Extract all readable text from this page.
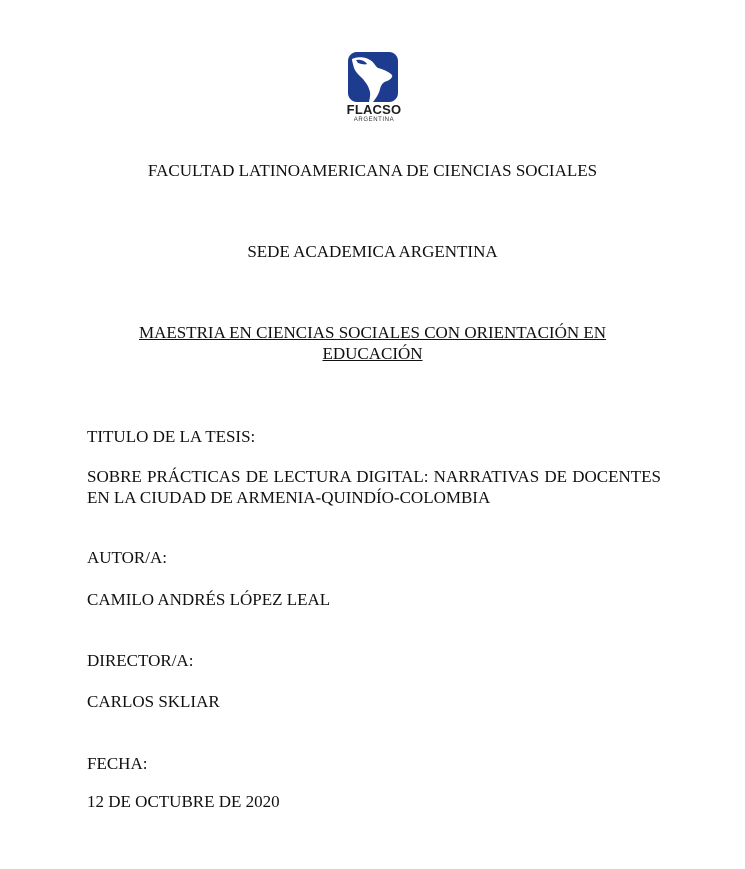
FLACSO
ARGENTINA
FACULTAD LATINOAMERICANA DE CIENCIAS SOCIALES
SEDE ACADEMICA ARGENTINA
MAESTRIA EN CIENCIAS SOCIALES CON ORIENTACIÓN EN EDUCACIÓN
TITULO DE LA TESIS:
SOBRE PRÁCTICAS DE LECTURA DIGITAL: NARRATIVAS DE DOCENTES EN LA CIUDAD DE ARMENIA-QUINDÍO-COLOMBIA
AUTOR/A:
CAMILO ANDRÉS LÓPEZ LEAL
DIRECTOR/A:
CARLOS SKLIAR
FECHA:
12 DE OCTUBRE DE 2020
